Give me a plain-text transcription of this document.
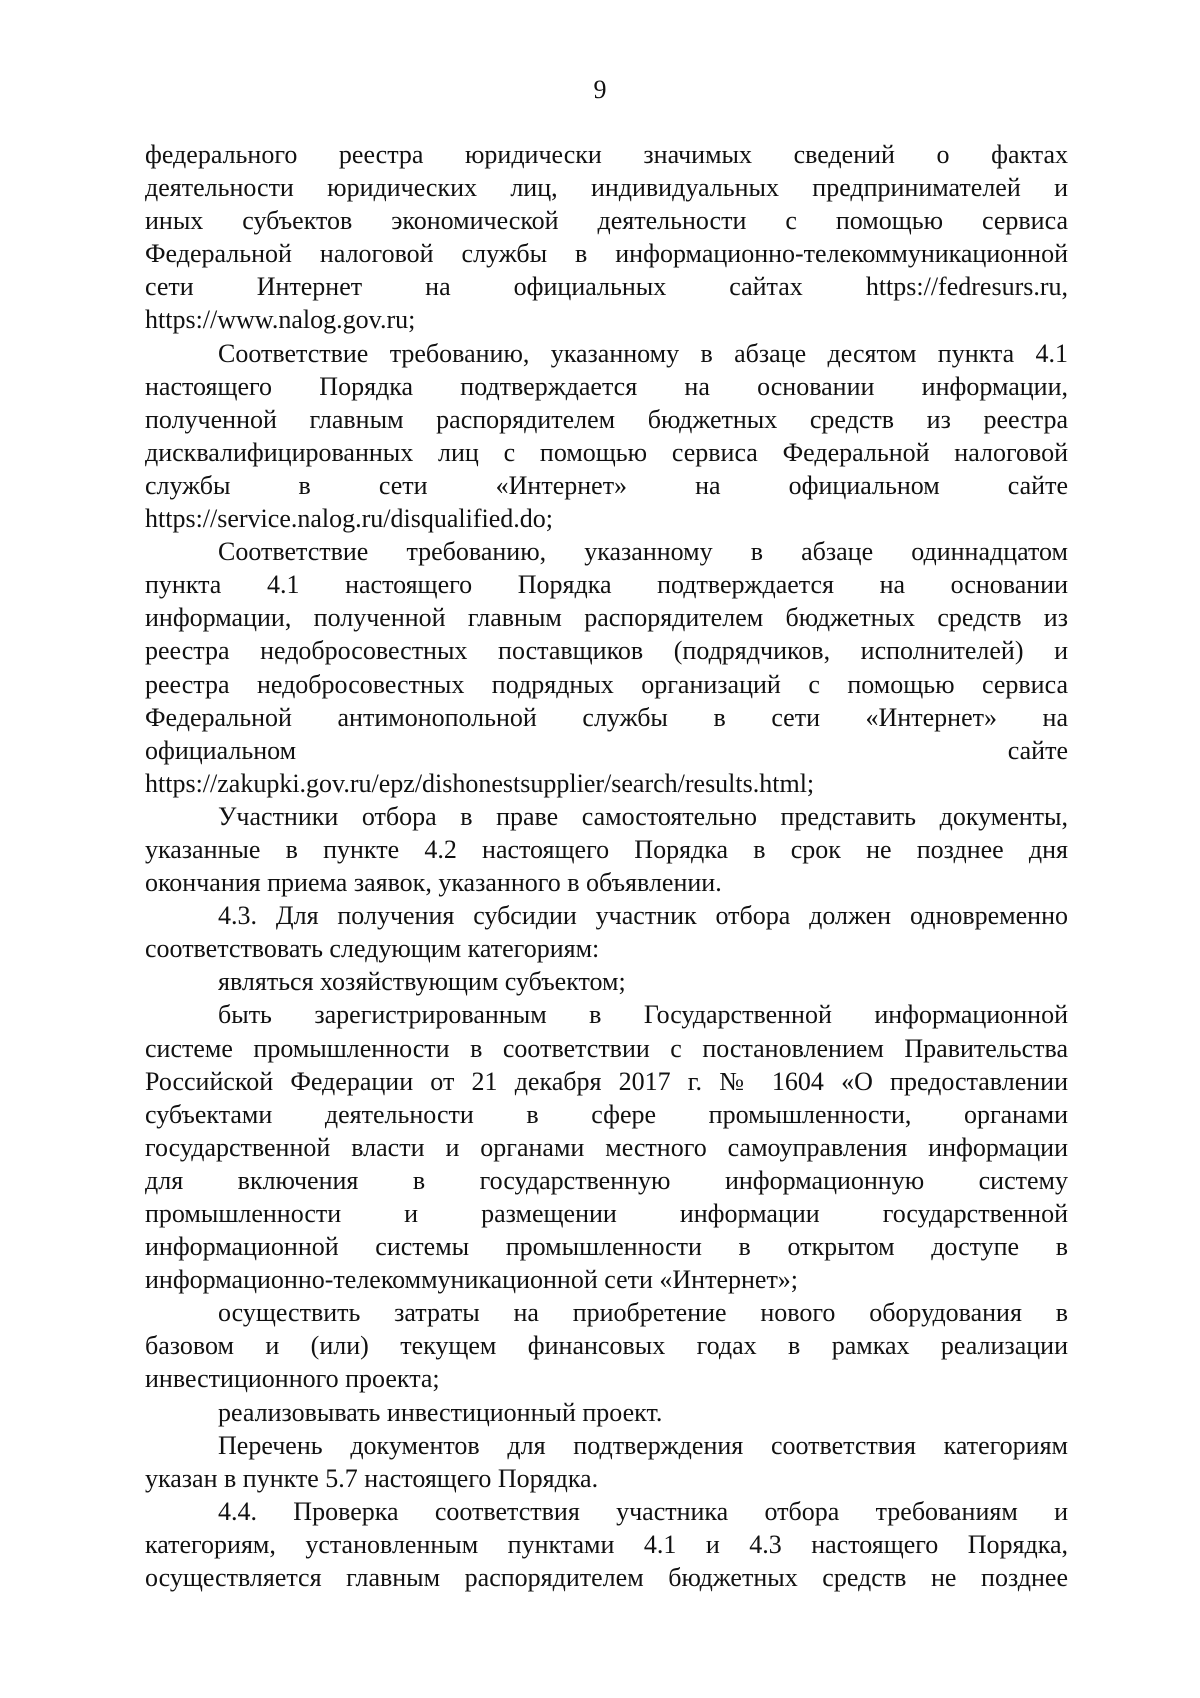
9

федерального реестра юридически значимых сведений о фактах
деятельности юридических лиц, индивидуальных предпринимателей и
иных субъектов экономической деятельности с помощью сервиса
Федеральной налоговой службы в информационно-телекоммуникационной
сети Интернет на официальных сайтах https://fedresurs.ru,
https://www.nalog.gov.ru;

Соответствие требованию, указанному в абзаце десятом пункта 4.1
настоящего Порядка подтверждается на основании информации,
полученной главным распорядителем бюджетных средств из реестра
дисквалифицированных лиц с помощью сервиса Федеральной налоговой
службы в сети «Интернет» на официальном сайте
https://service.nalog.ru/disqualified.do;

Соответствие требованию, указанному в абзаце одиннадцатом
пункта 4.1 настоящего Порядка подтверждается на основании
информации, полученной главным распорядителем бюджетных средств из
реестра недобросовестных поставщиков (подрядчиков, исполнителей) и
реестра недобросовестных подрядных организаций с помощью сервиса
Федеральной антимонопольной службы в сети «Интернет» на
официальном сайте
https://zakupki.gov.ru/epz/dishonestsupplier/search/results.html;

Участники отбора в праве самостоятельно представить документы,
указанные в пункте 4.2 настоящего Порядка в срок не позднее дня
окончания приема заявок, указанного в объявлении.

4.3. Для получения субсидии участник отбора должен одновременно
соответствовать следующим категориям:

являться хозяйствующим субъектом;

быть зарегистрированным в Государственной информационной
системе промышленности в соответствии с постановлением Правительства
Российской Федерации от 21 декабря 2017 г. № 1604 «О предоставлении
субъектами деятельности в сфере промышленности, органами
государственной власти и органами местного самоуправления информации
для включения в государственную информационную систему
промышленности и размещении информации государственной
информационной системы промышленности в открытом доступе в
информационно-телекоммуникационной сети «Интернет»;

осуществить затраты на приобретение нового оборудования в
базовом и (или) текущем финансовых годах в рамках реализации
инвестиционного проекта;

реализовывать инвестиционный проект.

Перечень документов для подтверждения соответствия категориям
указан в пункте 5.7 настоящего Порядка.

4.4. Проверка соответствия участника отбора требованиям и
категориям, установленным пунктами 4.1 и 4.3 настоящего Порядка,
осуществляется главным распорядителем бюджетных средств не позднее
